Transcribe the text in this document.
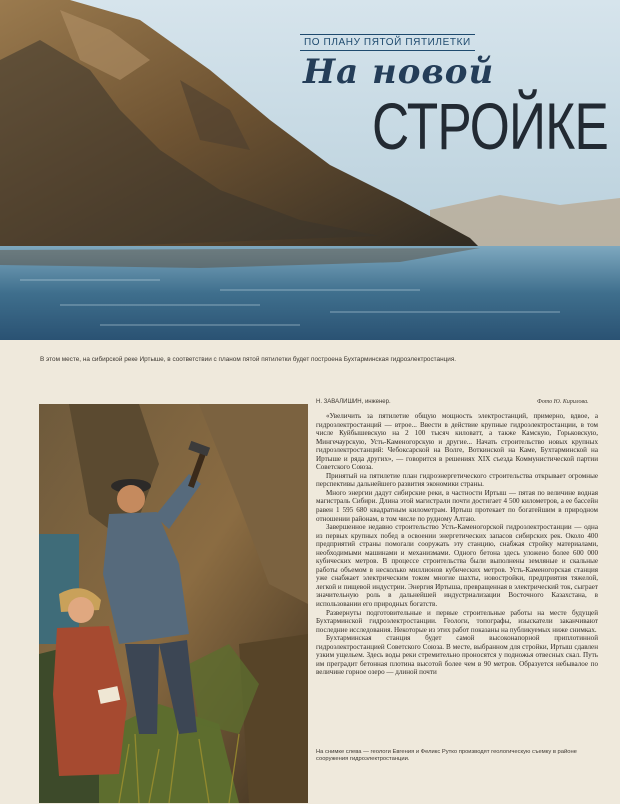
ПО ПЛАНУ ПЯТОЙ ПЯТИЛЕТКИ
На новой
СТРОЙКЕ
В этом месте, на сибирской реке Иртыше, в соответствии с планом пятой пятилетки будет построена Бухтарминская гидроэлектростанция.
Н. ЗАВАЛИШИН, инженер.	Фото Ю. Кирилова.

«Увеличить за пятилетие общую мощность электростанций, примерно, вдвое, а гидроэлектростанций — втрое... Ввести в действие крупные гидроэлектростанции, в том числе Куйбышевскую на 2 100 тысяч киловатт, а также Камскую, Горьковскую, Мингечаурскую, Усть-Каменогорскую и другие... Начать строительство новых крупных гидроэлектростанций: Чебоксарской на Волге, Воткинской на Каме, Бухтарминской на Иртыше и ряда других», — говорится в решениях XIX съезда Коммунистической партии Советского Союза.

Принятый на пятилетие план гидроэнергетического строительства открывает огромные перспективы дальнейшего развития экономики страны.

Много энергии дадут сибирские реки, в частности Иртыш — пятая по величине водная магистраль Сибири. Длина этой магистрали почти достигает 4 500 километров, а ее бассейн равен 1 595 680 квадратным километрам. Иртыш протекает по богатейшим в природном отношении районам, в том числе по рудному Алтаю.

Завершенное недавно строительство Усть-Каменогорской гидроэлектростанции — одна из первых крупных побед в освоении энергетических запасов сибирских рек. Около 400 предприятий страны помогали сооружать эту станцию, снабжая стройку материалами, необходимыми машинами и механизмами. Одного бетона здесь уложено более 600 000 кубических метров. В процессе строительства были выполнены земляные и скальные работы объемом в несколько миллионов кубических метров. Усть-Каменогорская станция уже снабжает электрическим током многие шахты, новостройки, предприятия тяжелой, легкой и пищевой индустрии. Энергия Иртыша, превращенная в электрический ток, сыграет значительную роль в дальнейшей индустриализации Восточного Казахстана, в использовании его природных богатств.

Развернуты подготовительные и первые строительные работы на месте будущей Бухтарминской гидроэлектростанции. Геологи, топографы, изыскатели заканчивают последние исследования. Некоторые из этих работ показаны на публикуемых ниже снимках.

Бухтарминская станция будет самой высоконапорной приплотинной гидроэлектростанцией Советского Союза. В месте, выбранном для стройки, Иртыш сдавлен узким ущельем. Здесь воды реки стремительно проносятся у подножья отвесных скал. Путь им преградит бетонная плотина высотой более чем в 90 метров. Образуется небывалое по величине горное озеро — длиной почти

На снимке слева — геологи Евгения и Феликс Рутко производят геологическую съемку в районе сооружения гидроэлектростанции.
